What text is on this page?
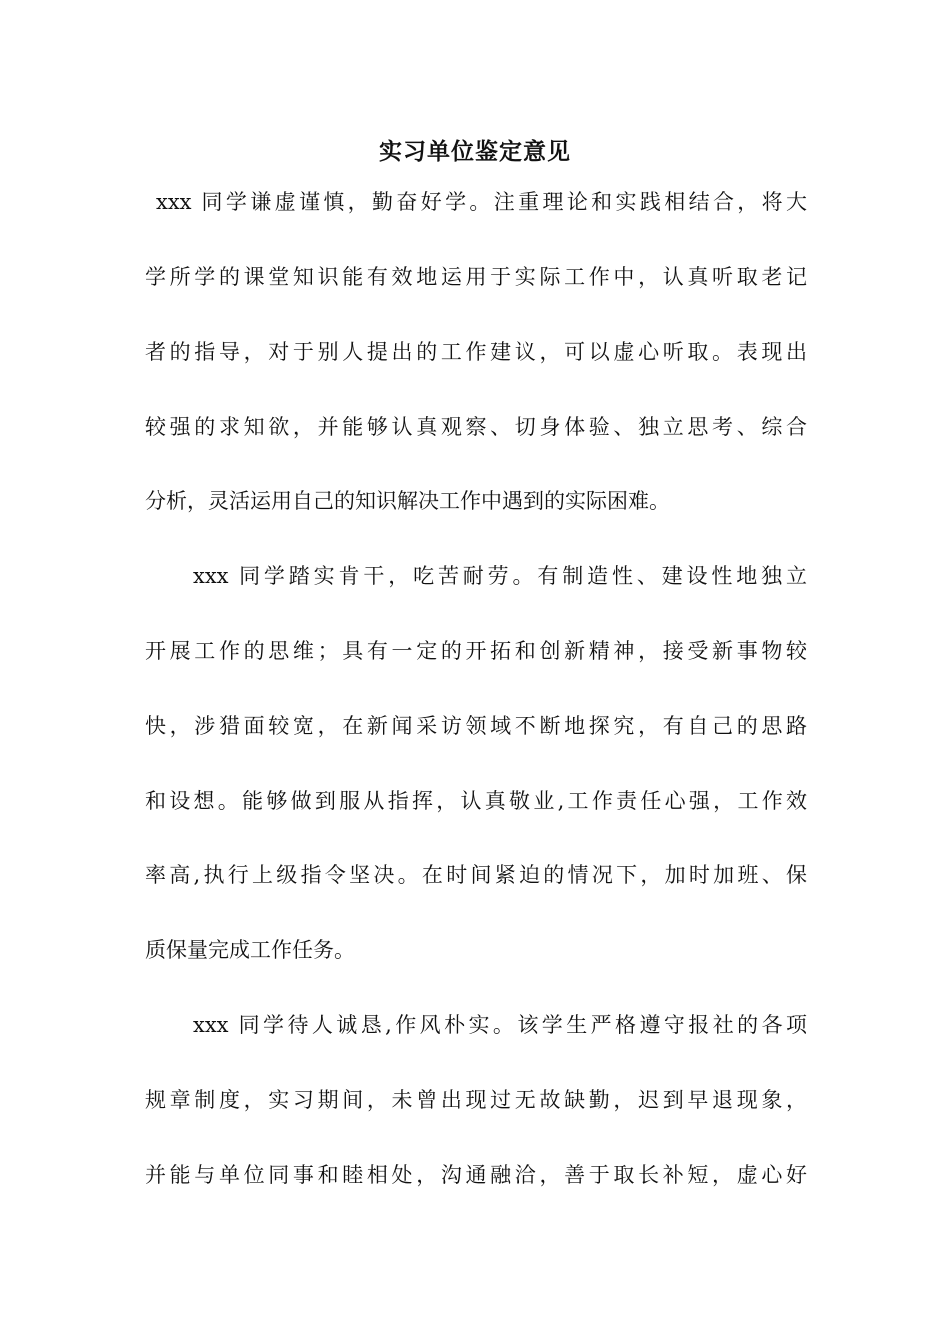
实习单位鉴定意见
xxx 同学谦虚谨慎，勤奋好学。注重理论和实践相结合，将大
学所学的课堂知识能有效地运用于实际工作中，认真听取老记
者的指导，对于别人提出的工作建议，可以虚心听取。表现出
较强的求知欲，并能够认真观察、切身体验、独立思考、综合
分析，灵活运用自己的知识解决工作中遇到的实际困难。
xxx 同学踏实肯干，吃苦耐劳。有制造性、建设性地独立
开展工作的思维；具有一定的开拓和创新精神，接受新事物较
快，涉猎面较宽，在新闻采访领域不断地探究，有自己的思路
和设想。能够做到服从指挥，认真敬业,工作责任心强，工作效
率高,执行上级指令坚决。在时间紧迫的情况下，加时加班、保
质保量完成工作任务。
xxx 同学待人诚恳,作风朴实。该学生严格遵守报社的各项
规章制度，实习期间，未曾出现过无故缺勤，迟到早退现象，
并能与单位同事和睦相处，沟通融洽，善于取长补短，虚心好
